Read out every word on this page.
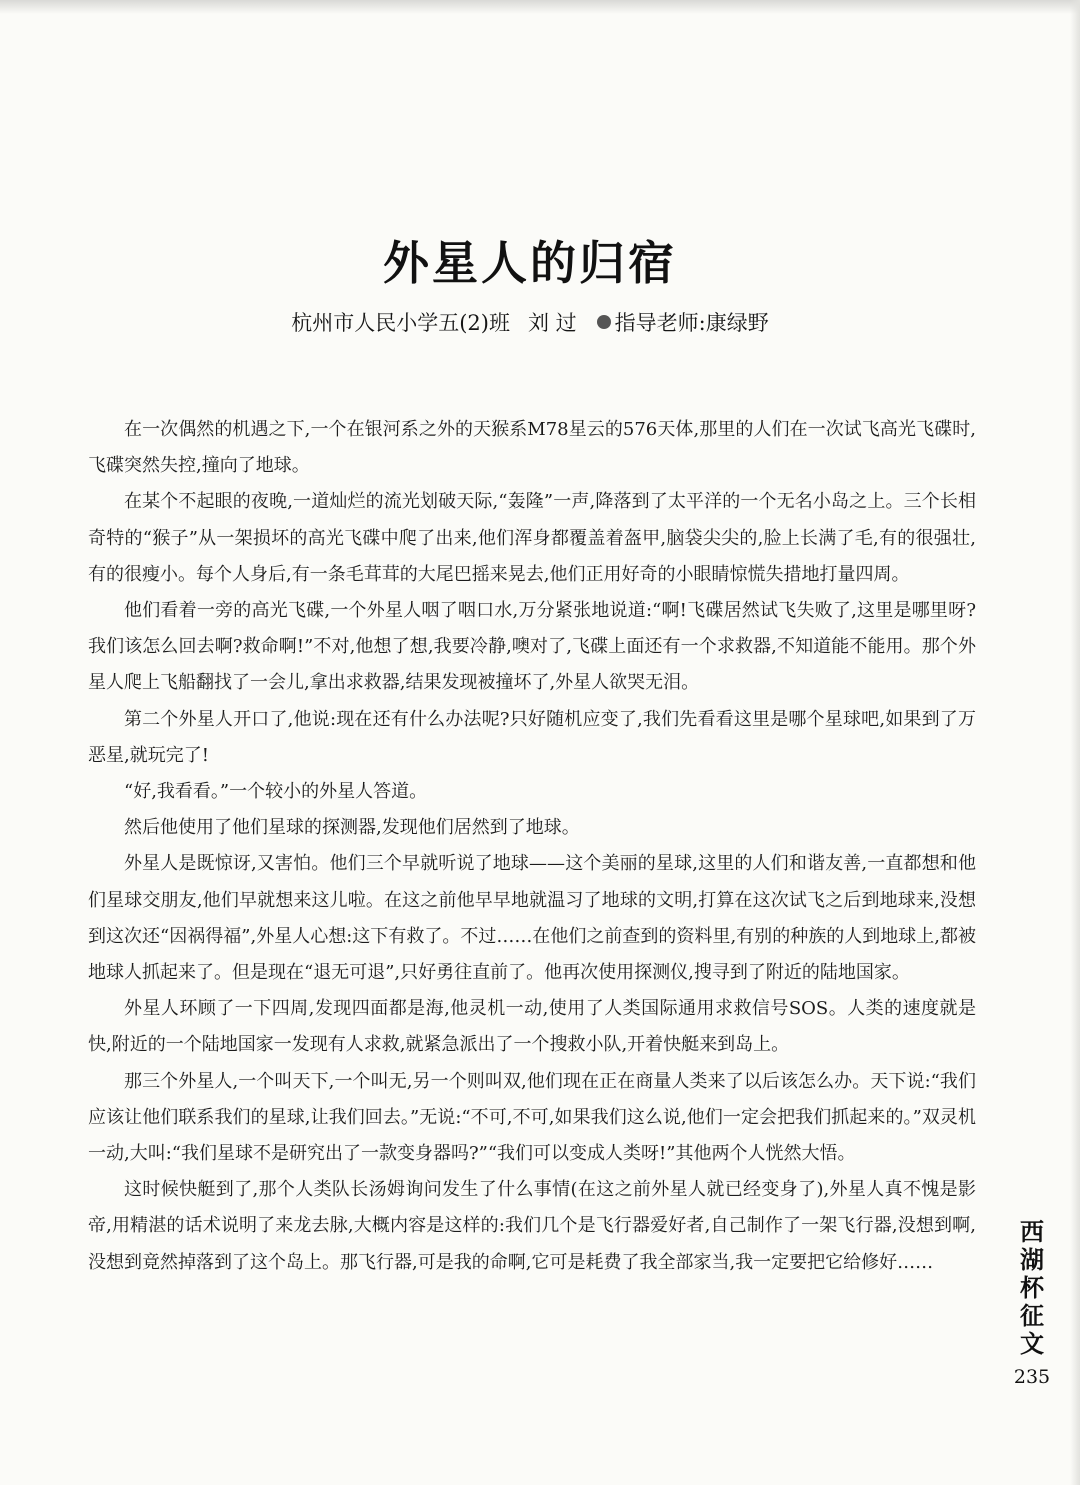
外星人的归宿
杭州市人民小学五(2)班 刘 过 指导老师:康绿野

在一次偶然的机遇之下,一个在银河系之外的天猴系M78星云的576天体,那里的人们在一次试飞高光飞碟时,飞碟突然失控,撞向了地球。

在某个不起眼的夜晚,一道灿烂的流光划破天际,“轰隆”一声,降落到了太平洋的一个无名小岛之上。三个长相奇特的“猴子”从一架损坏的高光飞碟中爬了出来,他们浑身都覆盖着盔甲,脑袋尖尖的,脸上长满了毛,有的很强壮,有的很瘦小。每个人身后,有一条毛茸茸的大尾巴摇来晃去,他们正用好奇的小眼睛惊慌失措地打量四周。

他们看着一旁的高光飞碟,一个外星人咽了咽口水,万分紧张地说道:“啊!飞碟居然试飞失败了,这里是哪里呀?我们该怎么回去啊?救命啊!”不对,他想了想,我要冷静,噢对了,飞碟上面还有一个求救器,不知道能不能用。那个外星人爬上飞船翻找了一会儿,拿出求救器,结果发现被撞坏了,外星人欲哭无泪。

第二个外星人开口了,他说:现在还有什么办法呢?只好随机应变了,我们先看看这里是哪个星球吧,如果到了万恶星,就玩完了!

“好,我看看。”一个较小的外星人答道。

然后他使用了他们星球的探测器,发现他们居然到了地球。

外星人是既惊讶,又害怕。他们三个早就听说了地球——这个美丽的星球,这里的人们和谐友善,一直都想和他们星球交朋友,他们早就想来这儿啦。在这之前他早早地就温习了地球的文明,打算在这次试飞之后到地球来,没想到这次还“因祸得福”,外星人心想:这下有救了。不过……在他们之前查到的资料里,有别的种族的人到地球上,都被地球人抓起来了。但是现在“退无可退”,只好勇往直前了。他再次使用探测仪,搜寻到了附近的陆地国家。

外星人环顾了一下四周,发现四面都是海,他灵机一动,使用了人类国际通用求救信号SOS。人类的速度就是快,附近的一个陆地国家一发现有人求救,就紧急派出了一个搜救小队,开着快艇来到岛上。

那三个外星人,一个叫天下,一个叫无,另一个则叫双,他们现在正在商量人类来了以后该怎么办。天下说:“我们应该让他们联系我们的星球,让我们回去。”无说:“不可,不可,如果我们这么说,他们一定会把我们抓起来的。”双灵机一动,大叫:“我们星球不是研究出了一款变身器吗?”“我们可以变成人类呀!”其他两个人恍然大悟。

这时候快艇到了,那个人类队长汤姆询问发生了什么事情(在这之前外星人就已经变身了),外星人真不愧是影帝,用精湛的话术说明了来龙去脉,大概内容是这样的:我们几个是飞行器爱好者,自己制作了一架飞行器,没想到啊,没想到竟然掉落到了这个岛上。那飞行器,可是我的命啊,它可是耗费了我全部家当,我一定要把它给修好……

西
湖
杯
征
文
235
